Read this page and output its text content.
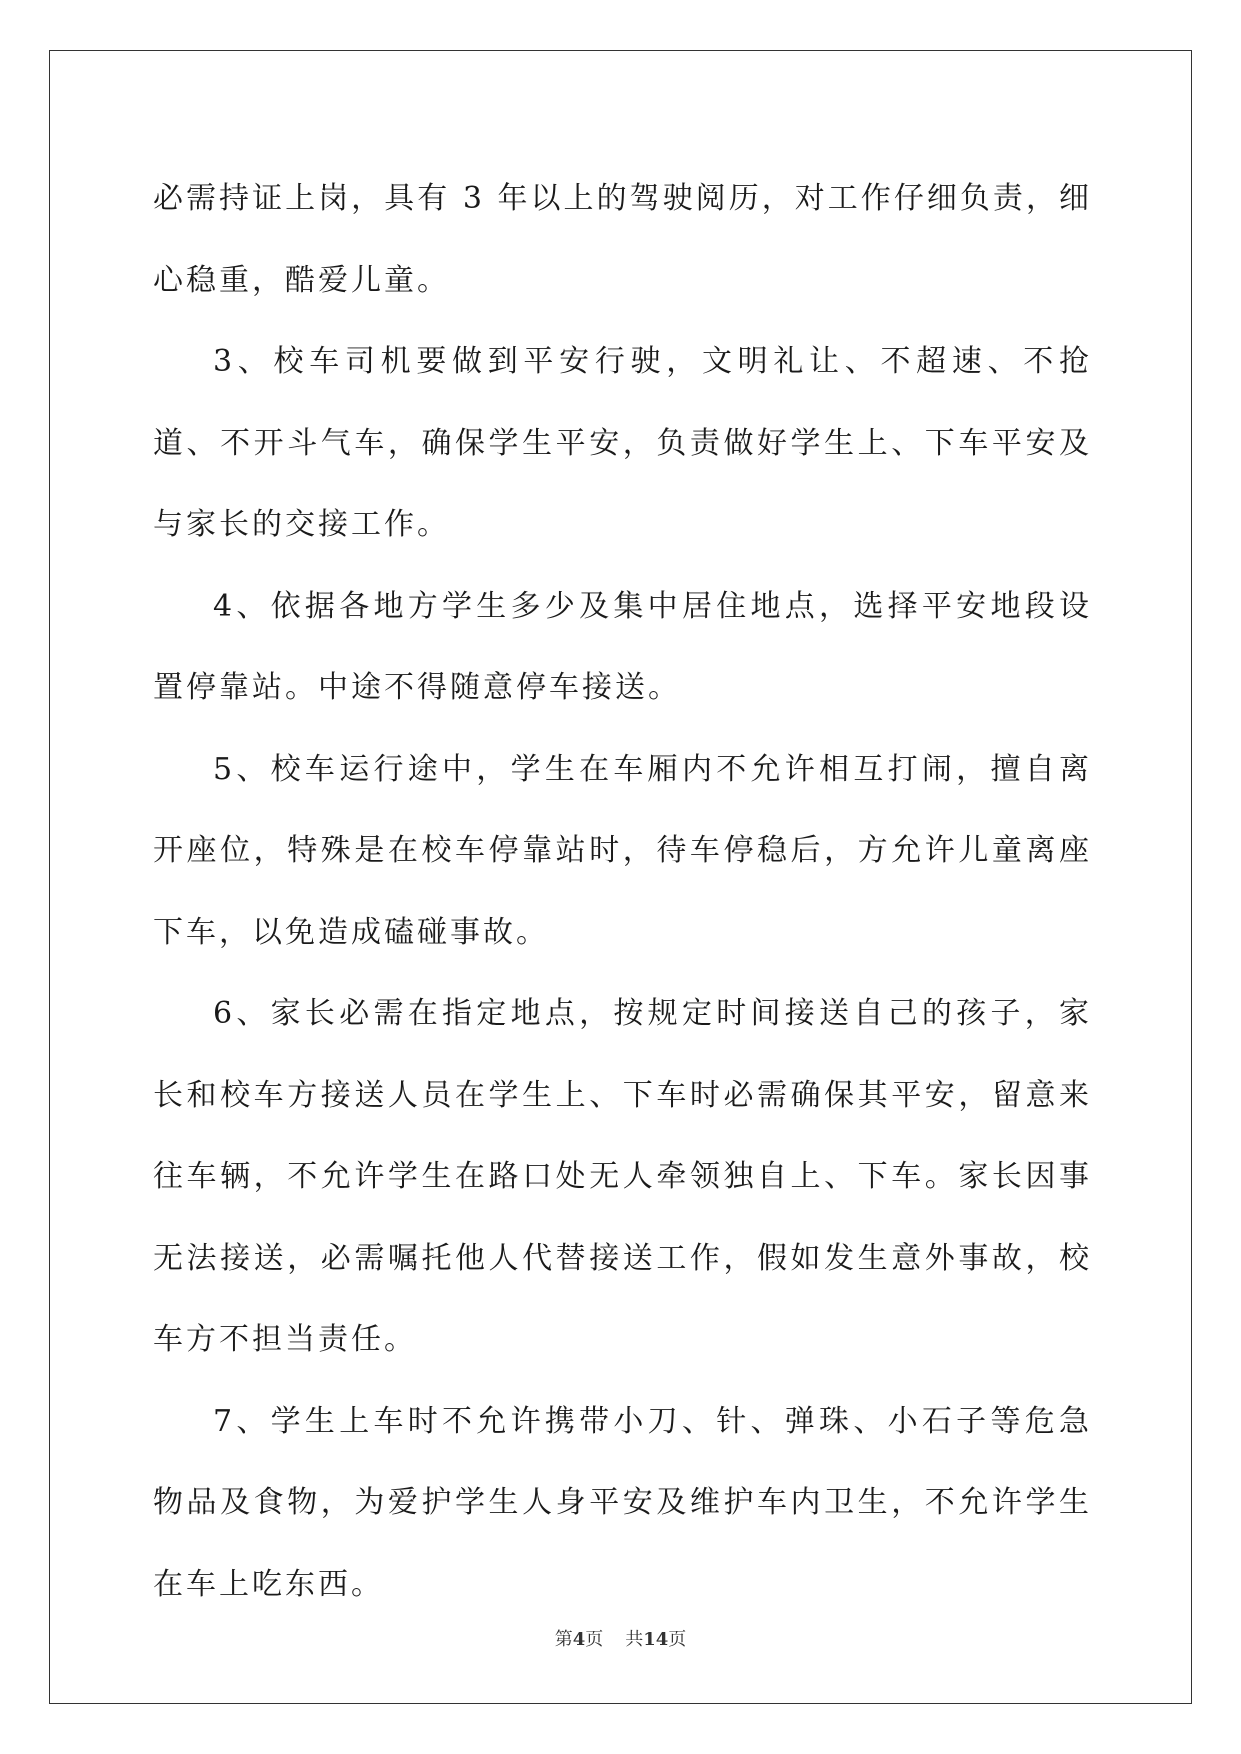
必需持证上岗，具有 3 年以上的驾驶阅历，对工作仔细负责，细心稳重，酷爱儿童。

3、校车司机要做到平安行驶，文明礼让、不超速、不抢道、不开斗气车，确保学生平安，负责做好学生上、下车平安及与家长的交接工作。

4、依据各地方学生多少及集中居住地点，选择平安地段设置停靠站。中途不得随意停车接送。

5、校车运行途中，学生在车厢内不允许相互打闹，擅自离开座位，特殊是在校车停靠站时，待车停稳后，方允许儿童离座下车，以免造成磕碰事故。

6、家长必需在指定地点，按规定时间接送自己的孩子，家长和校车方接送人员在学生上、下车时必需确保其平安，留意来往车辆，不允许学生在路口处无人牵领独自上、下车。家长因事无法接送，必需嘱托他人代替接送工作，假如发生意外事故，校车方不担当责任。

7、学生上车时不允许携带小刀、针、弹珠、小石子等危急物品及食物，为爱护学生人身平安及维护车内卫生，不允许学生在车上吃东西。

第4页 共14页
